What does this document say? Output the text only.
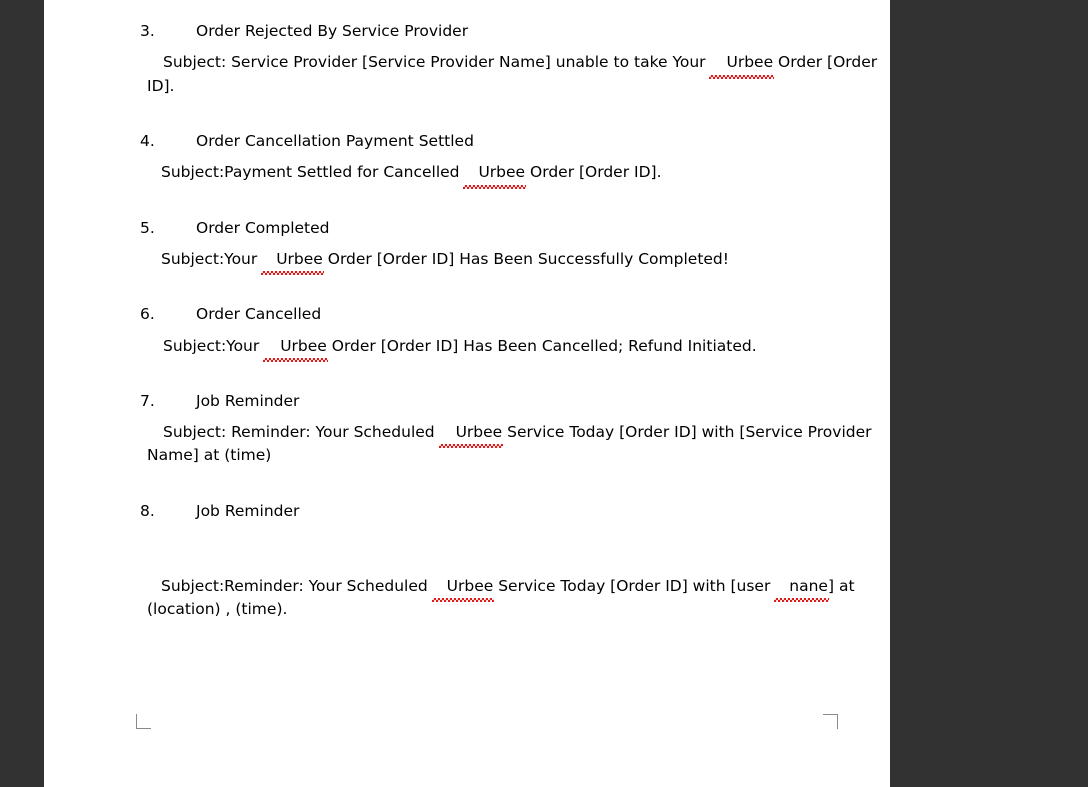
3.	Order Rejected By Service Provider
Subject: Service Provider [Service Provider Name] unable to take Your Urbee Order [Order ID].
4.	Order Cancellation Payment Settled
Subject:Payment Settled for Cancelled Urbee Order [Order ID].
5.	Order Completed
Subject:Your Urbee Order [Order ID] Has Been Successfully Completed!
6.	Order Cancelled
Subject:Your Urbee Order [Order ID] Has Been Cancelled; Refund Initiated.
7.	Job Reminder
Subject: Reminder: Your Scheduled Urbee Service Today [Order ID] with [Service Provider Name] at (time)
8.	Job Reminder
Subject:Reminder: Your Scheduled Urbee Service Today [Order ID] with [user nane] at (location) , (time).
